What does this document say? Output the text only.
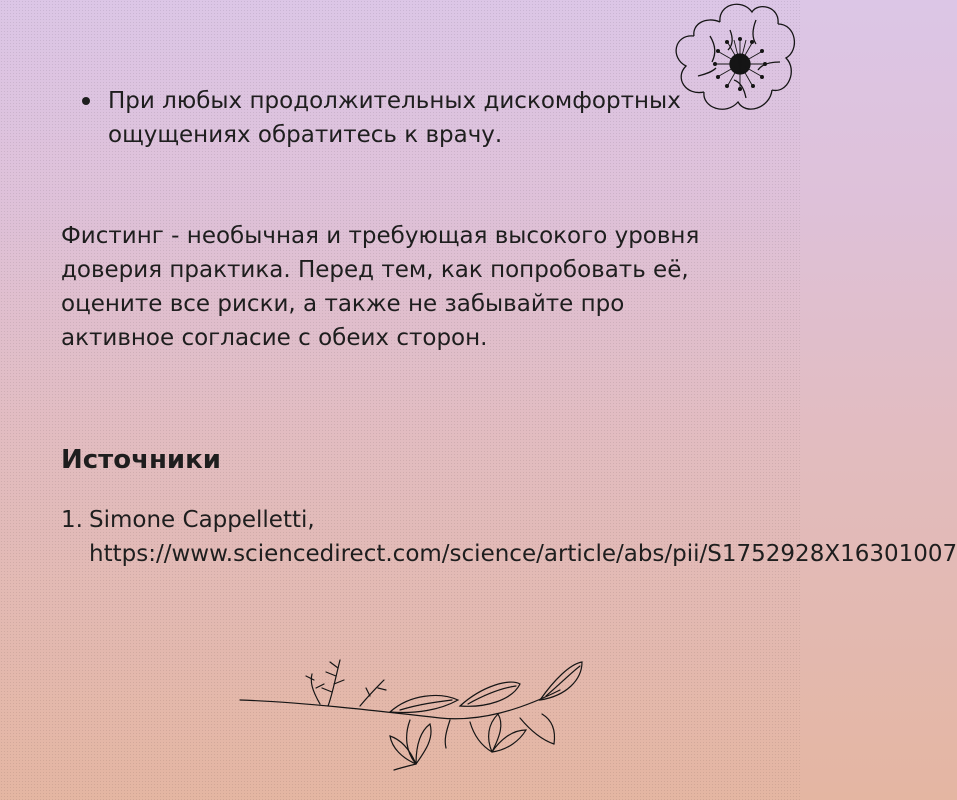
При любых продолжительных дискомфортных ощущениях обратитесь к врачу.

Фистинг - необычная и требующая высокого уровня доверия практика. Перед тем, как попробовать её, оцените все риски, а также не забывайте про активное согласие с обеих сторон.

Источники
1. Simone Cappelletti, https://www.sciencedirect.com/science/article/abs/pii/S1752928X16301007
